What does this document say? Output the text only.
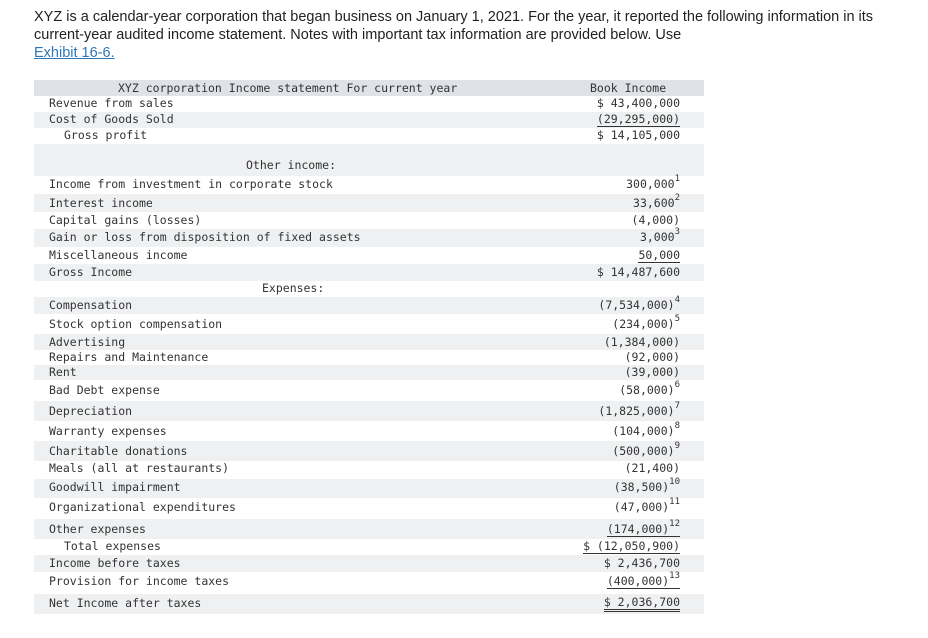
XYZ is a calendar-year corporation that began business on January 1, 2021. For the year, it reported the following information in its current-year audited income statement. Notes with important tax information are provided below. Use
Exhibit 16-6.
XYZ corporation Income statement For current year	Book Income
Revenue from sales	$ 43,400,000
Cost of Goods Sold	(29,295,000)
Gross profit	$ 14,105,000
Other income:
Income from investment in corporate stock	300,000$^1$
Interest income	33,600$^2$
Capital gains (losses)	(4,000)
Gain or loss from disposition of fixed assets	3,000$^3$
Miscellaneous income	50,000
Gross Income	$ 14,487,600
Expenses:
Compensation	$(7,534,000)^4$
Stock option compensation	$(234,000)^5$
Advertising	(1,384,000)
Repairs and Maintenance	(92,000)
Rent	(39,000)
Bad Debt expense	$(58,000)^6$
Depreciation	$(1,825,000)^7$
Warranty expenses	$(104,000)^8$
Charitable donations	$(500,000)^9$
Meals (all at restaurants)	(21,400)
Goodwill impairment	$(38,500)^{10}$
Organizational expenditures	$(47,000)^{11}$
Other expenses	$(174,000)^{12}$
Total expenses	$ (12,050,900)
Income before taxes	$ 2,436,700
Provision for income taxes	$(400,000)^{13}$
Net Income after taxes	$ 2,036,700
